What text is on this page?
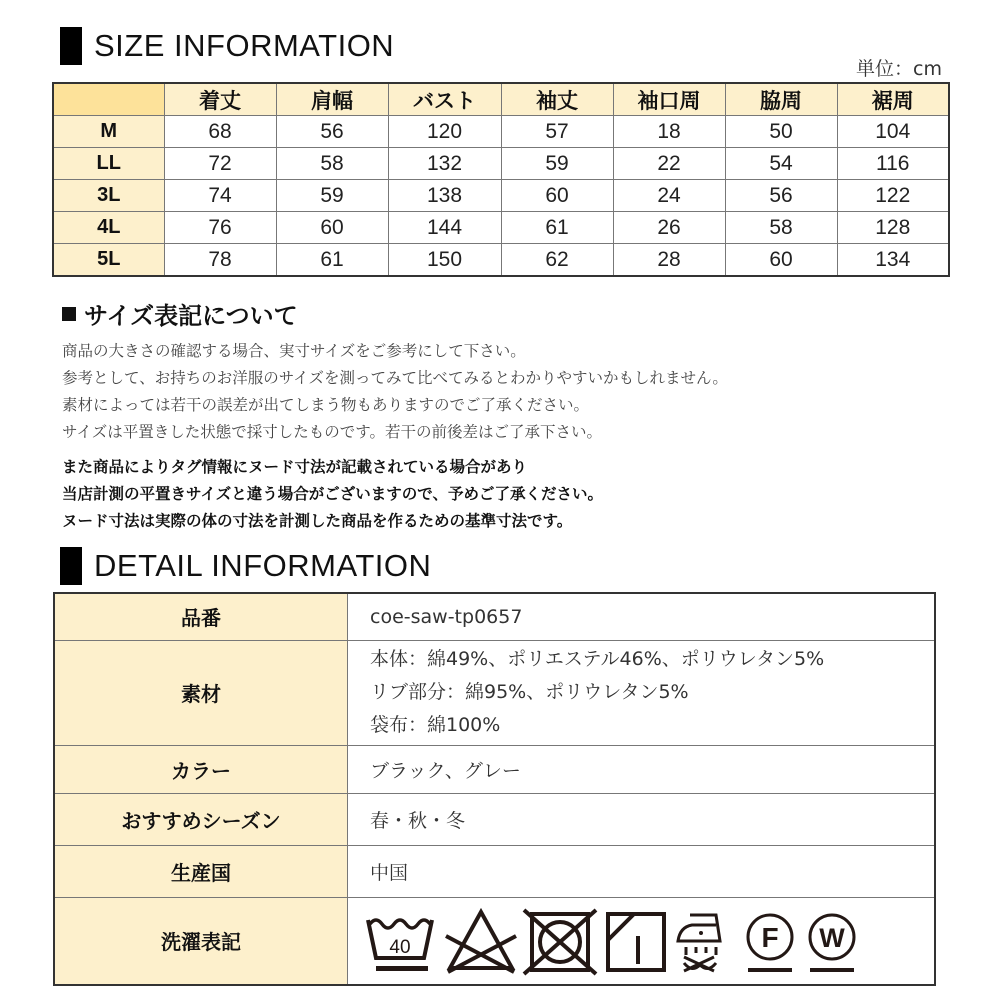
SIZE INFORMATION
単位：cm
	着丈	肩幅	バスト	袖丈	袖口周	脇周	裾周
M	68	56	120	57	18	50	104
LL	72	58	132	59	22	54	116
3L	74	59	138	60	24	56	122
4L	76	60	144	61	26	58	128
5L	78	61	150	62	28	60	134
サイズ表記について
商品の大きさの確認する場合、実寸サイズをご参考にして下さい。
参考として、お持ちのお洋服のサイズを測ってみて比べてみるとわかりやすいかもしれません。
素材によっては若干の誤差が出てしまう物もありますのでご了承ください。
サイズは平置きした状態で採寸したものです。若干の前後差はご了承下さい。
また商品によりタグ情報にヌード寸法が記載されている場合があり
当店計測の平置きサイズと違う場合がございますので、予めご了承ください。
ヌード寸法は実際の体の寸法を計測した商品を作るための基準寸法です。
DETAIL INFORMATION
品番	coe-saw-tp0657
素材	本体：綿49%、ポリエステル46%、ポリウレタン5%
リブ部分：綿95%、ポリウレタン5%
袋布：綿100%

カラー	ブラック、グレー
おすすめシーズン	春・秋・冬
生産国	中国
洗濯表記	40 F W
